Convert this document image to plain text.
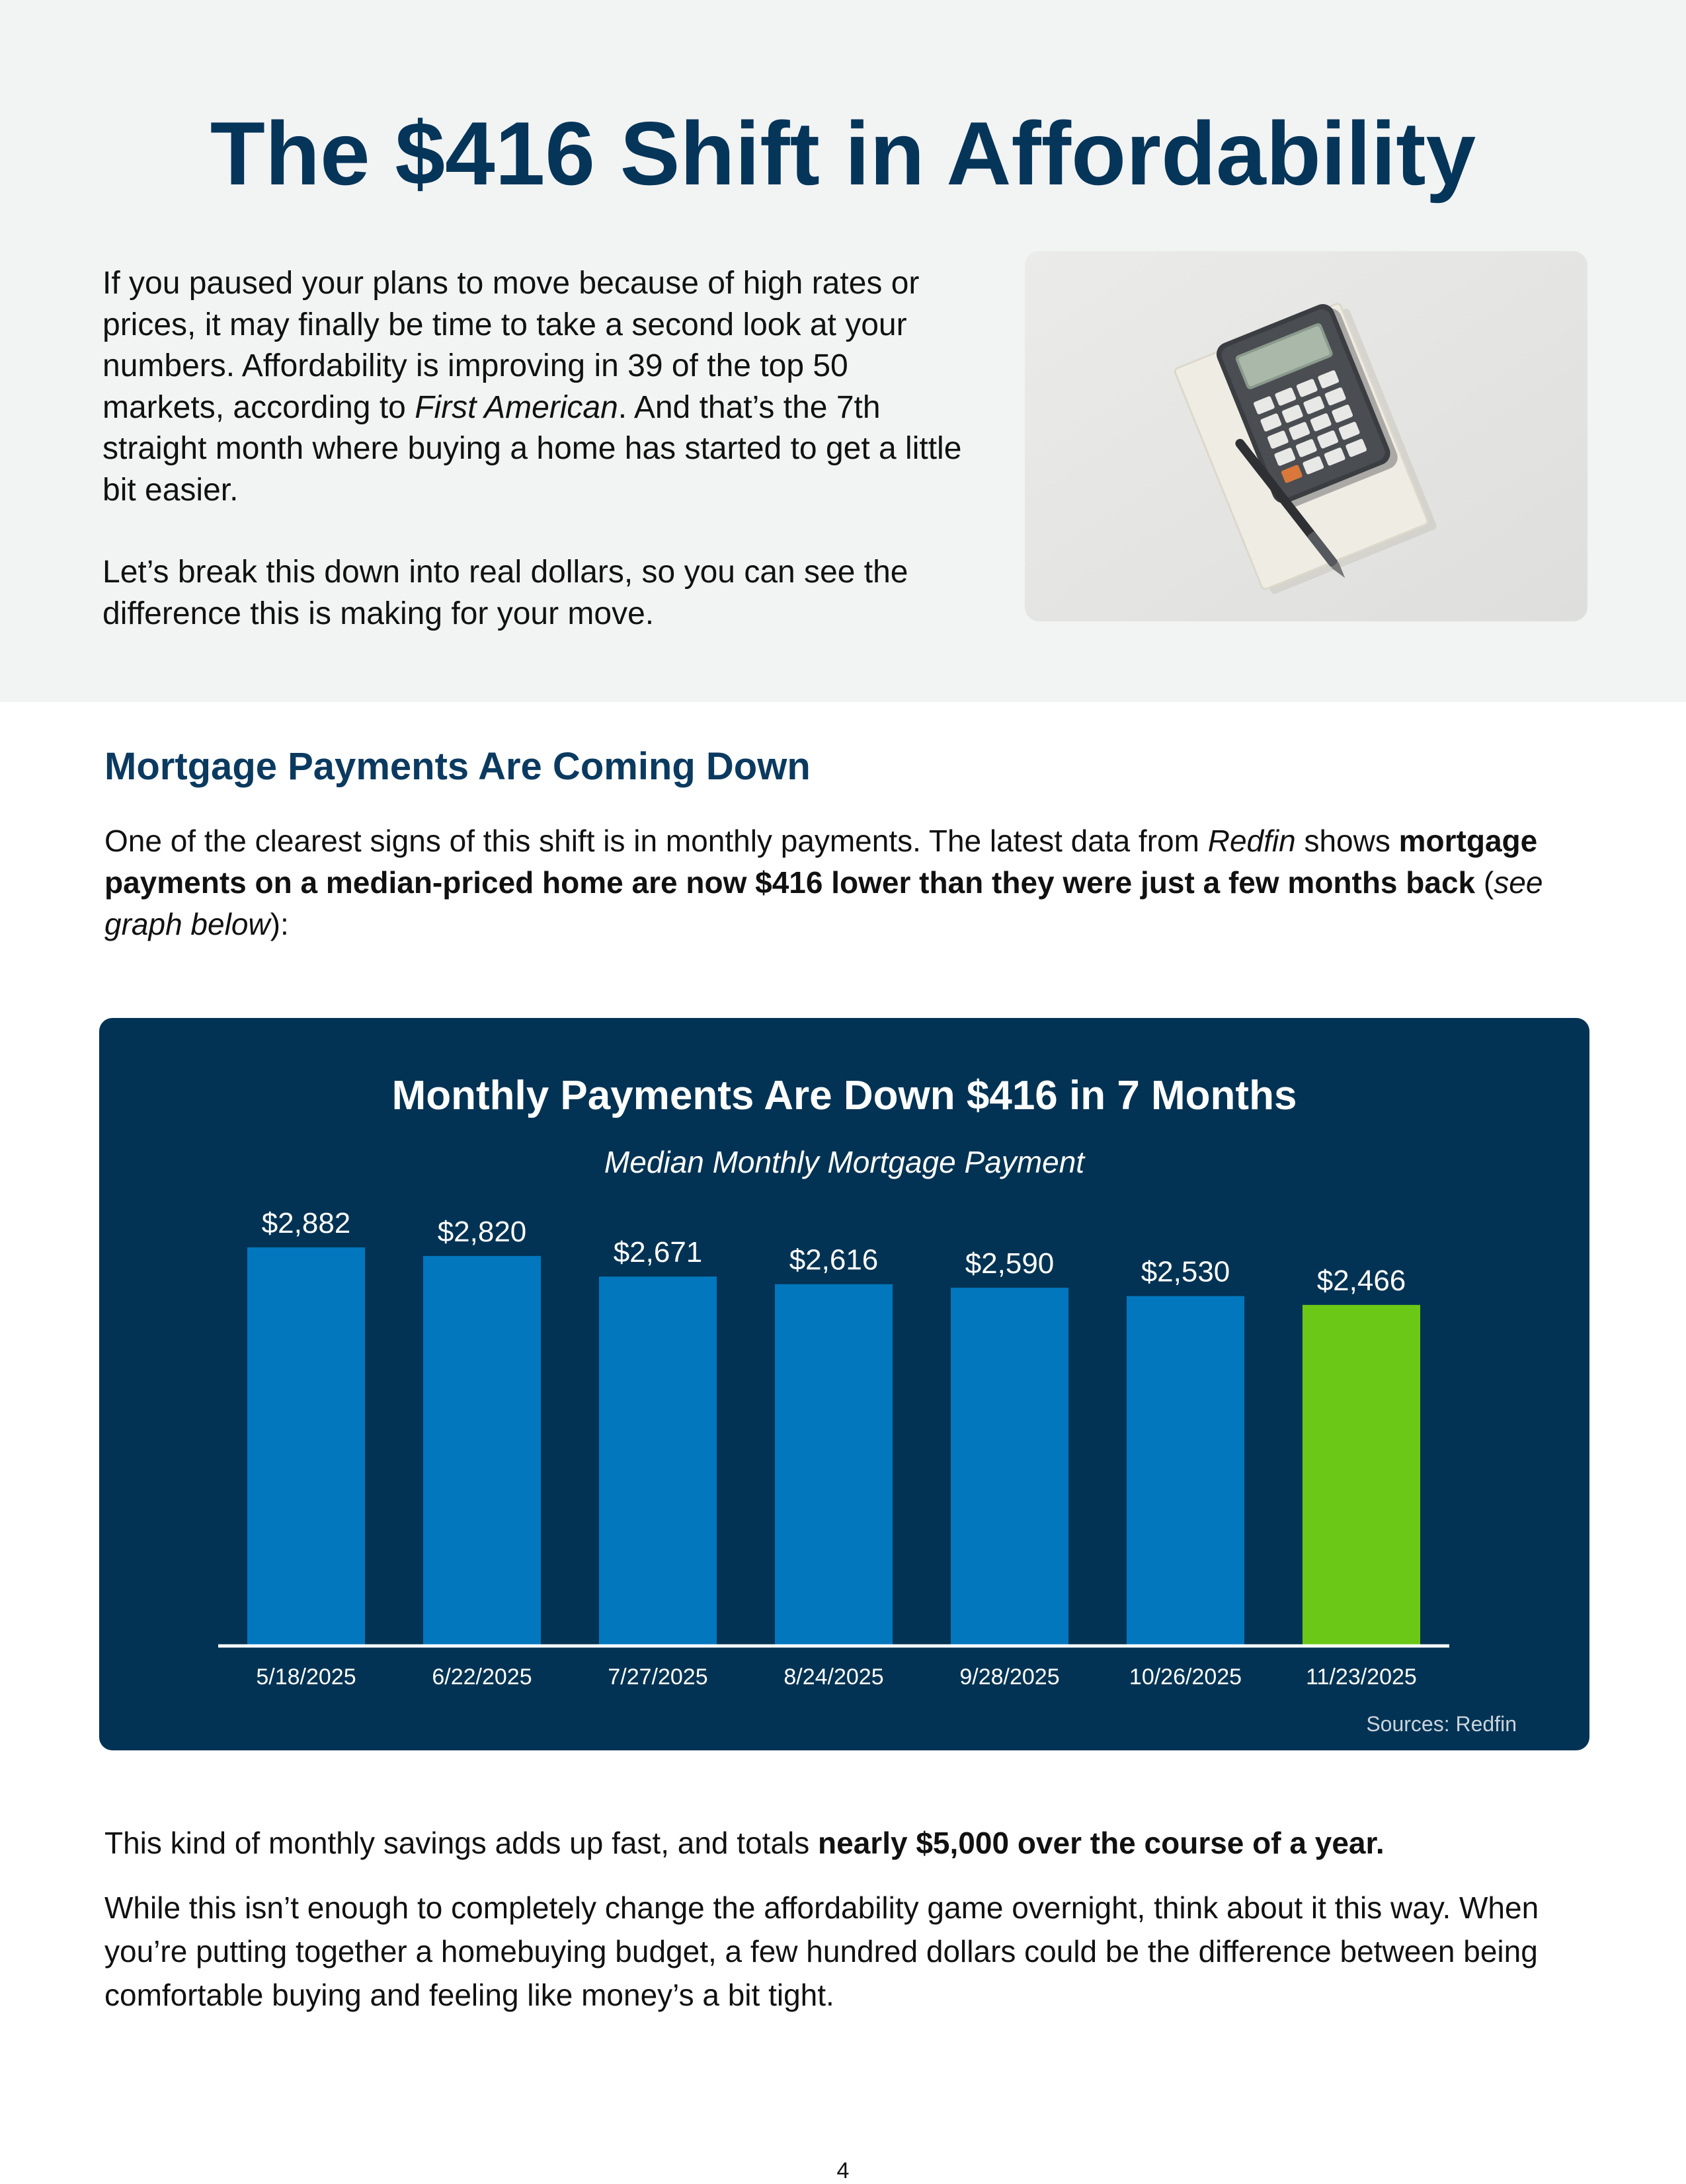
The $416 Shift in Affordability

If you paused your plans to move because of high rates or prices, it may finally be time to take a second look at your numbers. Affordability is improving in 39 of the top 50 markets, according to First American. And that’s the 7th straight month where buying a home has started to get a little bit easier.

Let’s break this down into real dollars, so you can see the difference this is making for your move.

Mortgage Payments Are Coming Down

One of the clearest signs of this shift is in monthly payments. The latest data from Redfin shows mortgage payments on a median-priced home are now $416 lower than they were just a few months back (see graph below):

Monthly Payments Are Down $416 in 7 Months
Median Monthly Mortgage Payment
$2,882
5/18/2025
$2,820
6/22/2025
$2,671
7/27/2025
$2,616
8/24/2025
$2,590
9/28/2025
$2,530
10/26/2025
$2,466
11/23/2025
Sources: Redfin

This kind of monthly savings adds up fast, and totals nearly $5,000 over the course of a year.

While this isn’t enough to completely change the affordability game overnight, think about it this way. When you’re putting together a homebuying budget, a few hundred dollars could be the difference between being comfortable buying and feeling like money’s a bit tight.

4
